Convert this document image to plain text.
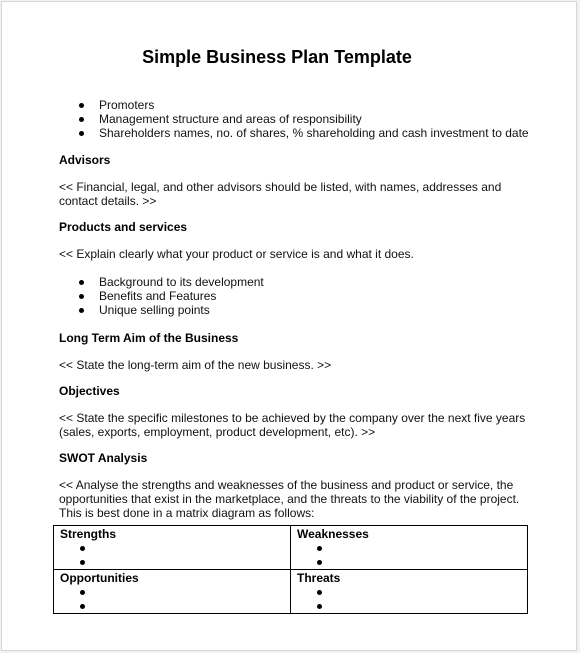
Simple Business Plan Template
Promoters
Management structure and areas of responsibility
Shareholders names, no. of shares, % shareholding and cash investment to date
Advisors
<< Financial, legal, and other advisors should be listed, with names, addresses and
contact details. >>
Products and services
<< Explain clearly what your product or service is and what it does.
Background to its development
Benefits and Features
Unique selling points
Long Term Aim of the Business
<< State the long-term aim of the new business. >>
Objectives
<< State the specific milestones to be achieved by the company over the next five years
(sales, exports, employment, product development, etc). >>
SWOT Analysis
<< Analyse the strengths and weaknesses of the business and product or service, the
opportunities that exist in the marketplace, and the threats to the viability of the project.
This is best done in a matrix diagram as follows:
Strengths	Weaknesses

Opportunities	Threats
